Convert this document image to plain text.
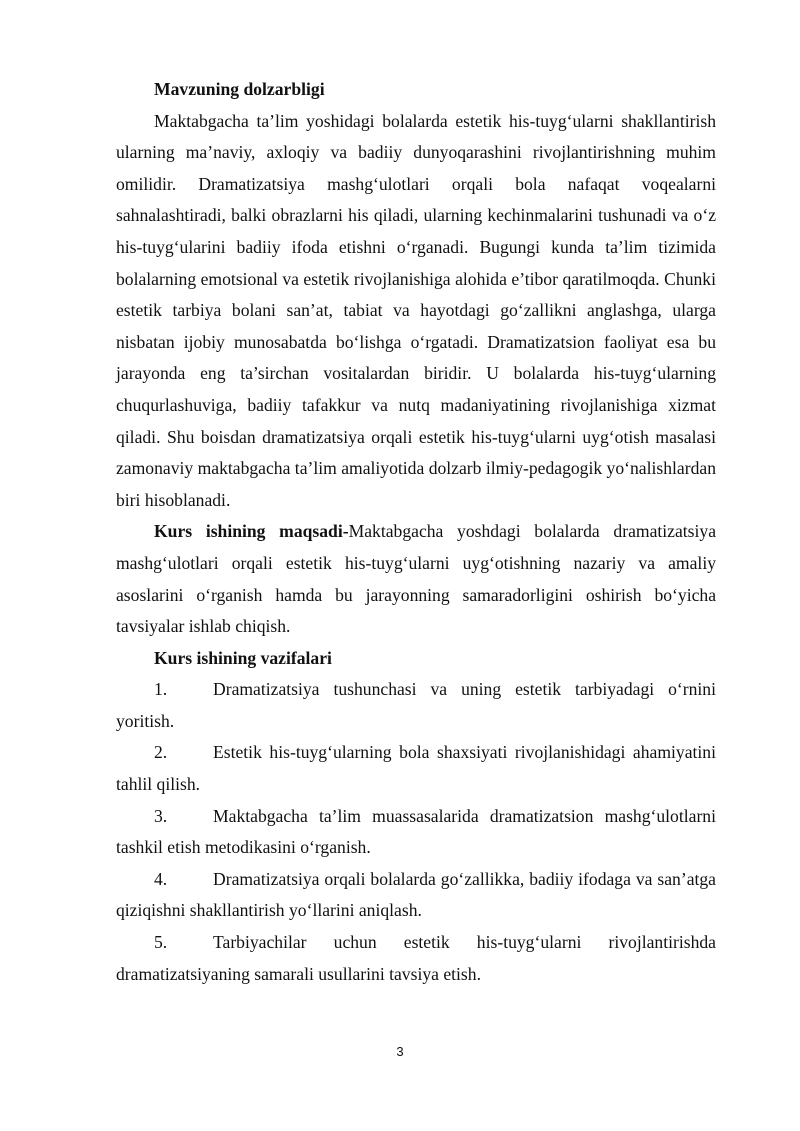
Mavzuning dolzarbligi

Maktabgacha ta’lim yoshidagi bolalarda estetik his-tuyg‘ularni shakllantirish ularning ma’naviy, axloqiy va badiiy dunyoqarashini rivojlantirishning muhim omilidir. Dramatizatsiya mashg‘ulotlari orqali bola nafaqat voqealarni sahnalashtiradi, balki obrazlarni his qiladi, ularning kechinmalarini tushunadi va o‘z his-tuyg‘ularini badiiy ifoda etishni o‘rganadi. Bugungi kunda ta’lim tizimida bolalarning emotsional va estetik rivojlanishiga alohida e’tibor qaratilmoqda. Chunki estetik tarbiya bolani san’at, tabiat va hayotdagi go‘zallikni anglashga, ularga nisbatan ijobiy munosabatda bo‘lishga o‘rgatadi. Dramatizatsion faoliyat esa bu jarayonda eng ta’sirchan vositalardan biridir. U bolalarda his-tuyg‘ularning chuqurlashuviga, badiiy tafakkur va nutq madaniyatining rivojlanishiga xizmat qiladi. Shu boisdan dramatizatsiya orqali estetik his-tuyg‘ularni uyg‘otish masalasi zamonaviy maktabgacha ta’lim amaliyotida dolzarb ilmiy-pedagogik yo‘nalishlardan biri hisoblanadi.

Kurs ishining maqsadi-Maktabgacha yoshdagi bolalarda dramatizatsiya mashg‘ulotlari orqali estetik his-tuyg‘ularni uyg‘otishning nazariy va amaliy asoslarini o‘rganish hamda bu jarayonning samaradorligini oshirish bo‘yicha tavsiyalar ishlab chiqish.

Kurs ishining vazifalari

1.	Dramatizatsiya tushunchasi va uning estetik tarbiyadagi o‘rnini yoritish.

2.	Estetik his-tuyg‘ularning bola shaxsiyati rivojlanishidagi ahamiyatini tahlil qilish.

3.	Maktabgacha ta’lim muassasalarida dramatizatsion mashg‘ulotlarni tashkil etish metodikasini o‘rganish.

4.	Dramatizatsiya orqali bolalarda go‘zallikka, badiiy ifodaga va san’atga qiziqishni shakllantirish yo‘llarini aniqlash.

5.	Tarbiyachilar uchun estetik his-tuyg‘ularni rivojlantirishda dramatizatsiyaning samarali usullarini tavsiya etish.

3
